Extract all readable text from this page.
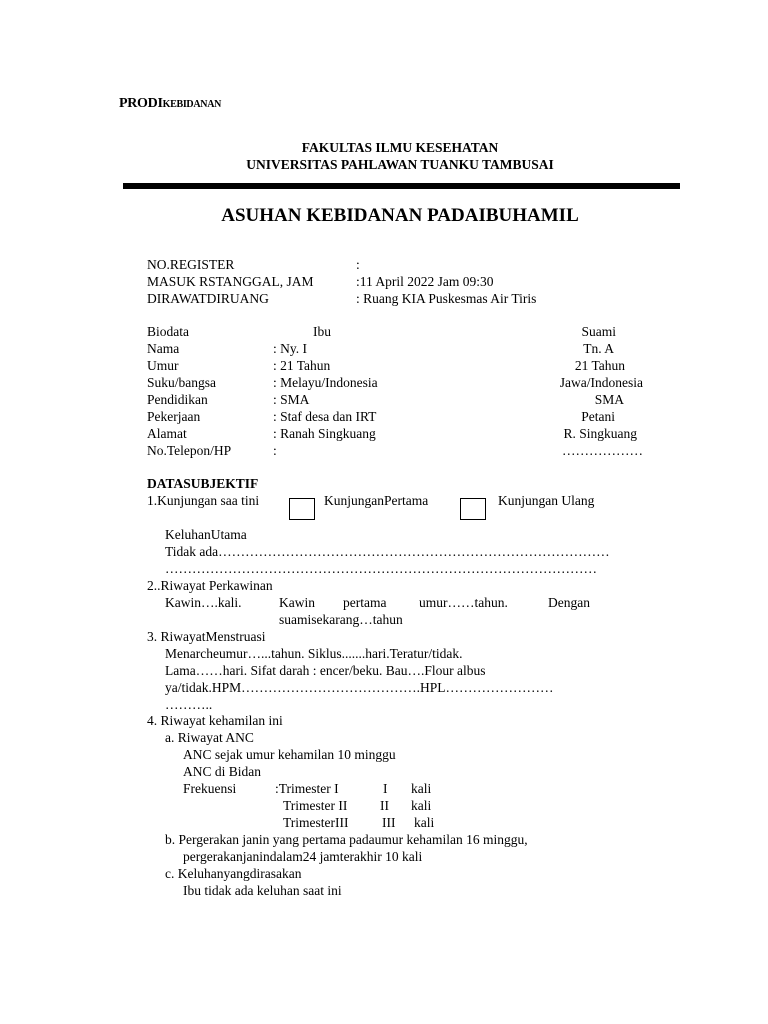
PRODIKEBIDANAN
FAKULTAS ILMU KESEHATAN
UNIVERSITAS PAHLAWAN TUANKU TAMBUSAI
ASUHAN KEBIDANAN PADAIBUHAMIL
NO.REGISTER	:
MASUK RSTANGGAL, JAM	:11 April 2022 Jam 09:30
DIRAWATDIRUANG	: Ruang KIA Puskesmas Air Tiris
Biodata	Ibu	Suami
Nama	: Ny. I	Tn. A
Umur	: 21 Tahun	21 Tahun
Suku/bangsa	: Melayu/Indonesia	Jawa/Indonesia
Pendidikan	: SMA	SMA
Pekerjaan	: Staf desa dan IRT	Petani
Alamat	: Ranah Singkuang	R. Singkuang
No.Telepon/HP	:	………………
DATASUBJEKTIF
1.Kunjungan saa tini	KunjunganPertama	Kunjungan Ulang
KeluhanUtama
Tidak ada……………………………………………………………………………
……………………………………………………………………………………
2..Riwayat Perkawinan
Kawin….kali.	Kawin pertama umur……tahun.	Dengan
suamisekarang…tahun
3. RiwayatMenstruasi
Menarcheumur…...tahun. Siklus.......hari.Teratur/tidak.
Lama……hari. Sifat darah : encer/beku. Bau….Flour albus
ya/tidak.HPM………………………………….HPL……………………
………..
4. Riwayat kehamilan ini
a. Riwayat ANC
ANC sejak umur kehamilan 10 minggu
ANC di Bidan
Frekuensi	:Trimester I	I kali
Trimester II II kali
TrimesterIII III kali
b. Pergerakan janin yang pertama padaumur kehamilan 16 minggu,
pergerakanjanindalam24 jamterakhir 10 kali
c. Keluhanyangdirasakan
Ibu tidak ada keluhan saat ini
